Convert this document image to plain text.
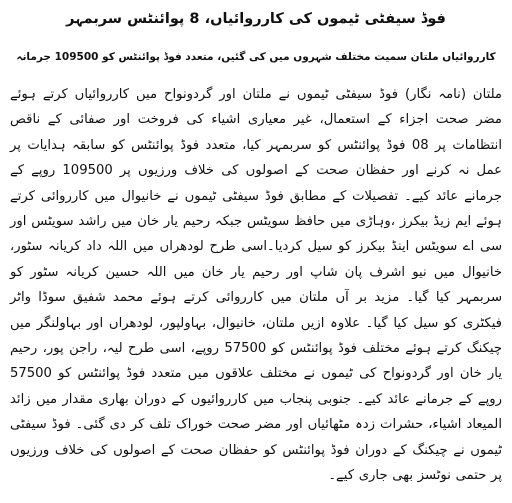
فوڈ سیفٹی ٹیموں کی کارروائیاں، 8 پوائنٹس سربمہر
کارروائیاں ملتان سمیت مختلف شہروں میں کی گئیں، متعدد فوڈ پوائنٹس کو 109500 جرمانہ

ملتان (نامہ نگار) فوڈ سیفٹی ٹیموں نے ملتان اور گردونواح میں کارروائیاں کرتے ہوئے مضر صحت اجزاء کے استعمال، غیر معیاری اشیاء کی فروخت اور صفائی کے ناقص انتظامات پر 08 فوڈ پوائنٹس کو سربمہر کیا، متعدد فوڈ پوائنٹس کو سابقہ ہدایات پر عمل نہ کرنے اور حفظان صحت کے اصولوں کی خلاف ورزیوں پر 109500 روپے کے جرمانے عائد کیے۔ تفصیلات کے مطابق فوڈ سیفٹی ٹیموں نے خانیوال میں کارروائی کرتے ہوئے ایم زیڈ بیکرز ،وہاڑی میں حافظ سویٹس جبکہ رحیم یار خان میں راشد سویٹس اور سی اے سویٹس اینڈ بیکرز کو سیل کردیا۔اسی طرح لودھراں میں اللہ داد کریانہ سٹور، خانیوال میں نیو اشرف پان شاپ اور رحیم یار خان میں اللہ حسین کریانہ سٹور کو سربمہر کیا گیا۔ مزید بر آں ملتان میں کارروائی کرتے ہوئے محمد شفیق سوڈا واٹر فیکٹری کو سیل کیا گیا۔ علاوہ ازیں ملتان، خانیوال، بہاولپور، لودھراں اور بہاولنگر میں چیکنگ کرتے ہوئے مختلف فوڈ پوائنٹس کو 57500 روپے، اسی طرح لیہ، راجن پور، رحیم یار خان اور گردونواح کی ٹیموں نے مختلف علاقوں میں متعدد فوڈ پوائنٹس کو 57500 روپے کے جرمانے عائد کیے۔ جنوبی پنجاب میں کارروائیوں کے دوران بھاری مقدار میں زائد المیعاد اشیاء، حشرات زدہ مٹھائیاں اور مضر صحت خوراک تلف کر دی گئی۔ فوڈ سیفٹی ٹیموں نے چیکنگ کے دوران فوڈ پوائنٹس کو حفظان صحت کے اصولوں کی خلاف ورزیوں پر حتمی نوٹسز بھی جاری کیے۔
